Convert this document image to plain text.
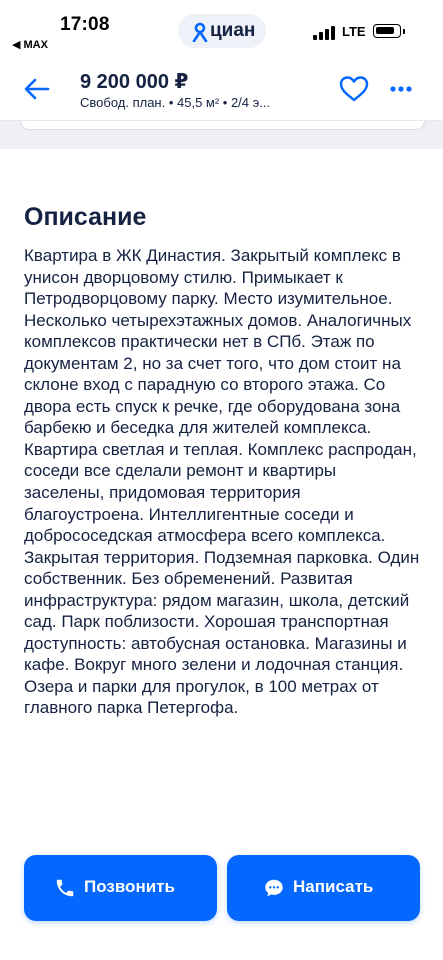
17:08
◀ MAX
циан	LTE
9 200 000 ₽
Свобод. план. • 45,5 м² • 2/4 э...
Описание

Квартира в ЖК Династия. Закрытый комплекс в унисон дворцовому стилю. Примыкает к Петродворцовому парку. Место изумительное. Несколько четырехэтажных домов. Аналогичных комплексов практически нет в СПб. Этаж по документам 2, но за счет того, что дом стоит на склоне вход с парадную со второго этажа. Со двора есть спуск к речке, где оборудована зона барбекю и беседка для жителей комплекса. Квартира светлая и теплая. Комплекс распродан, соседи все сделали ремонт и квартиры заселены, придомовая территория благоустроена. Интеллигентные соседи и добрососедская атмосфера всего комплекса. Закрытая территория. Подземная парковка. Один собственник. Без обременений. Развитая инфраструктура: рядом магазин, школа, детский сад. Парк поблизости. Хорошая транспортная доступность: автобусная остановка. Магазины и кафе. Вокруг много зелени и лодочная станция. Озера и парки для прогулок, в 100 метрах от главного парка Петергофа.

Позвонить	Написать
